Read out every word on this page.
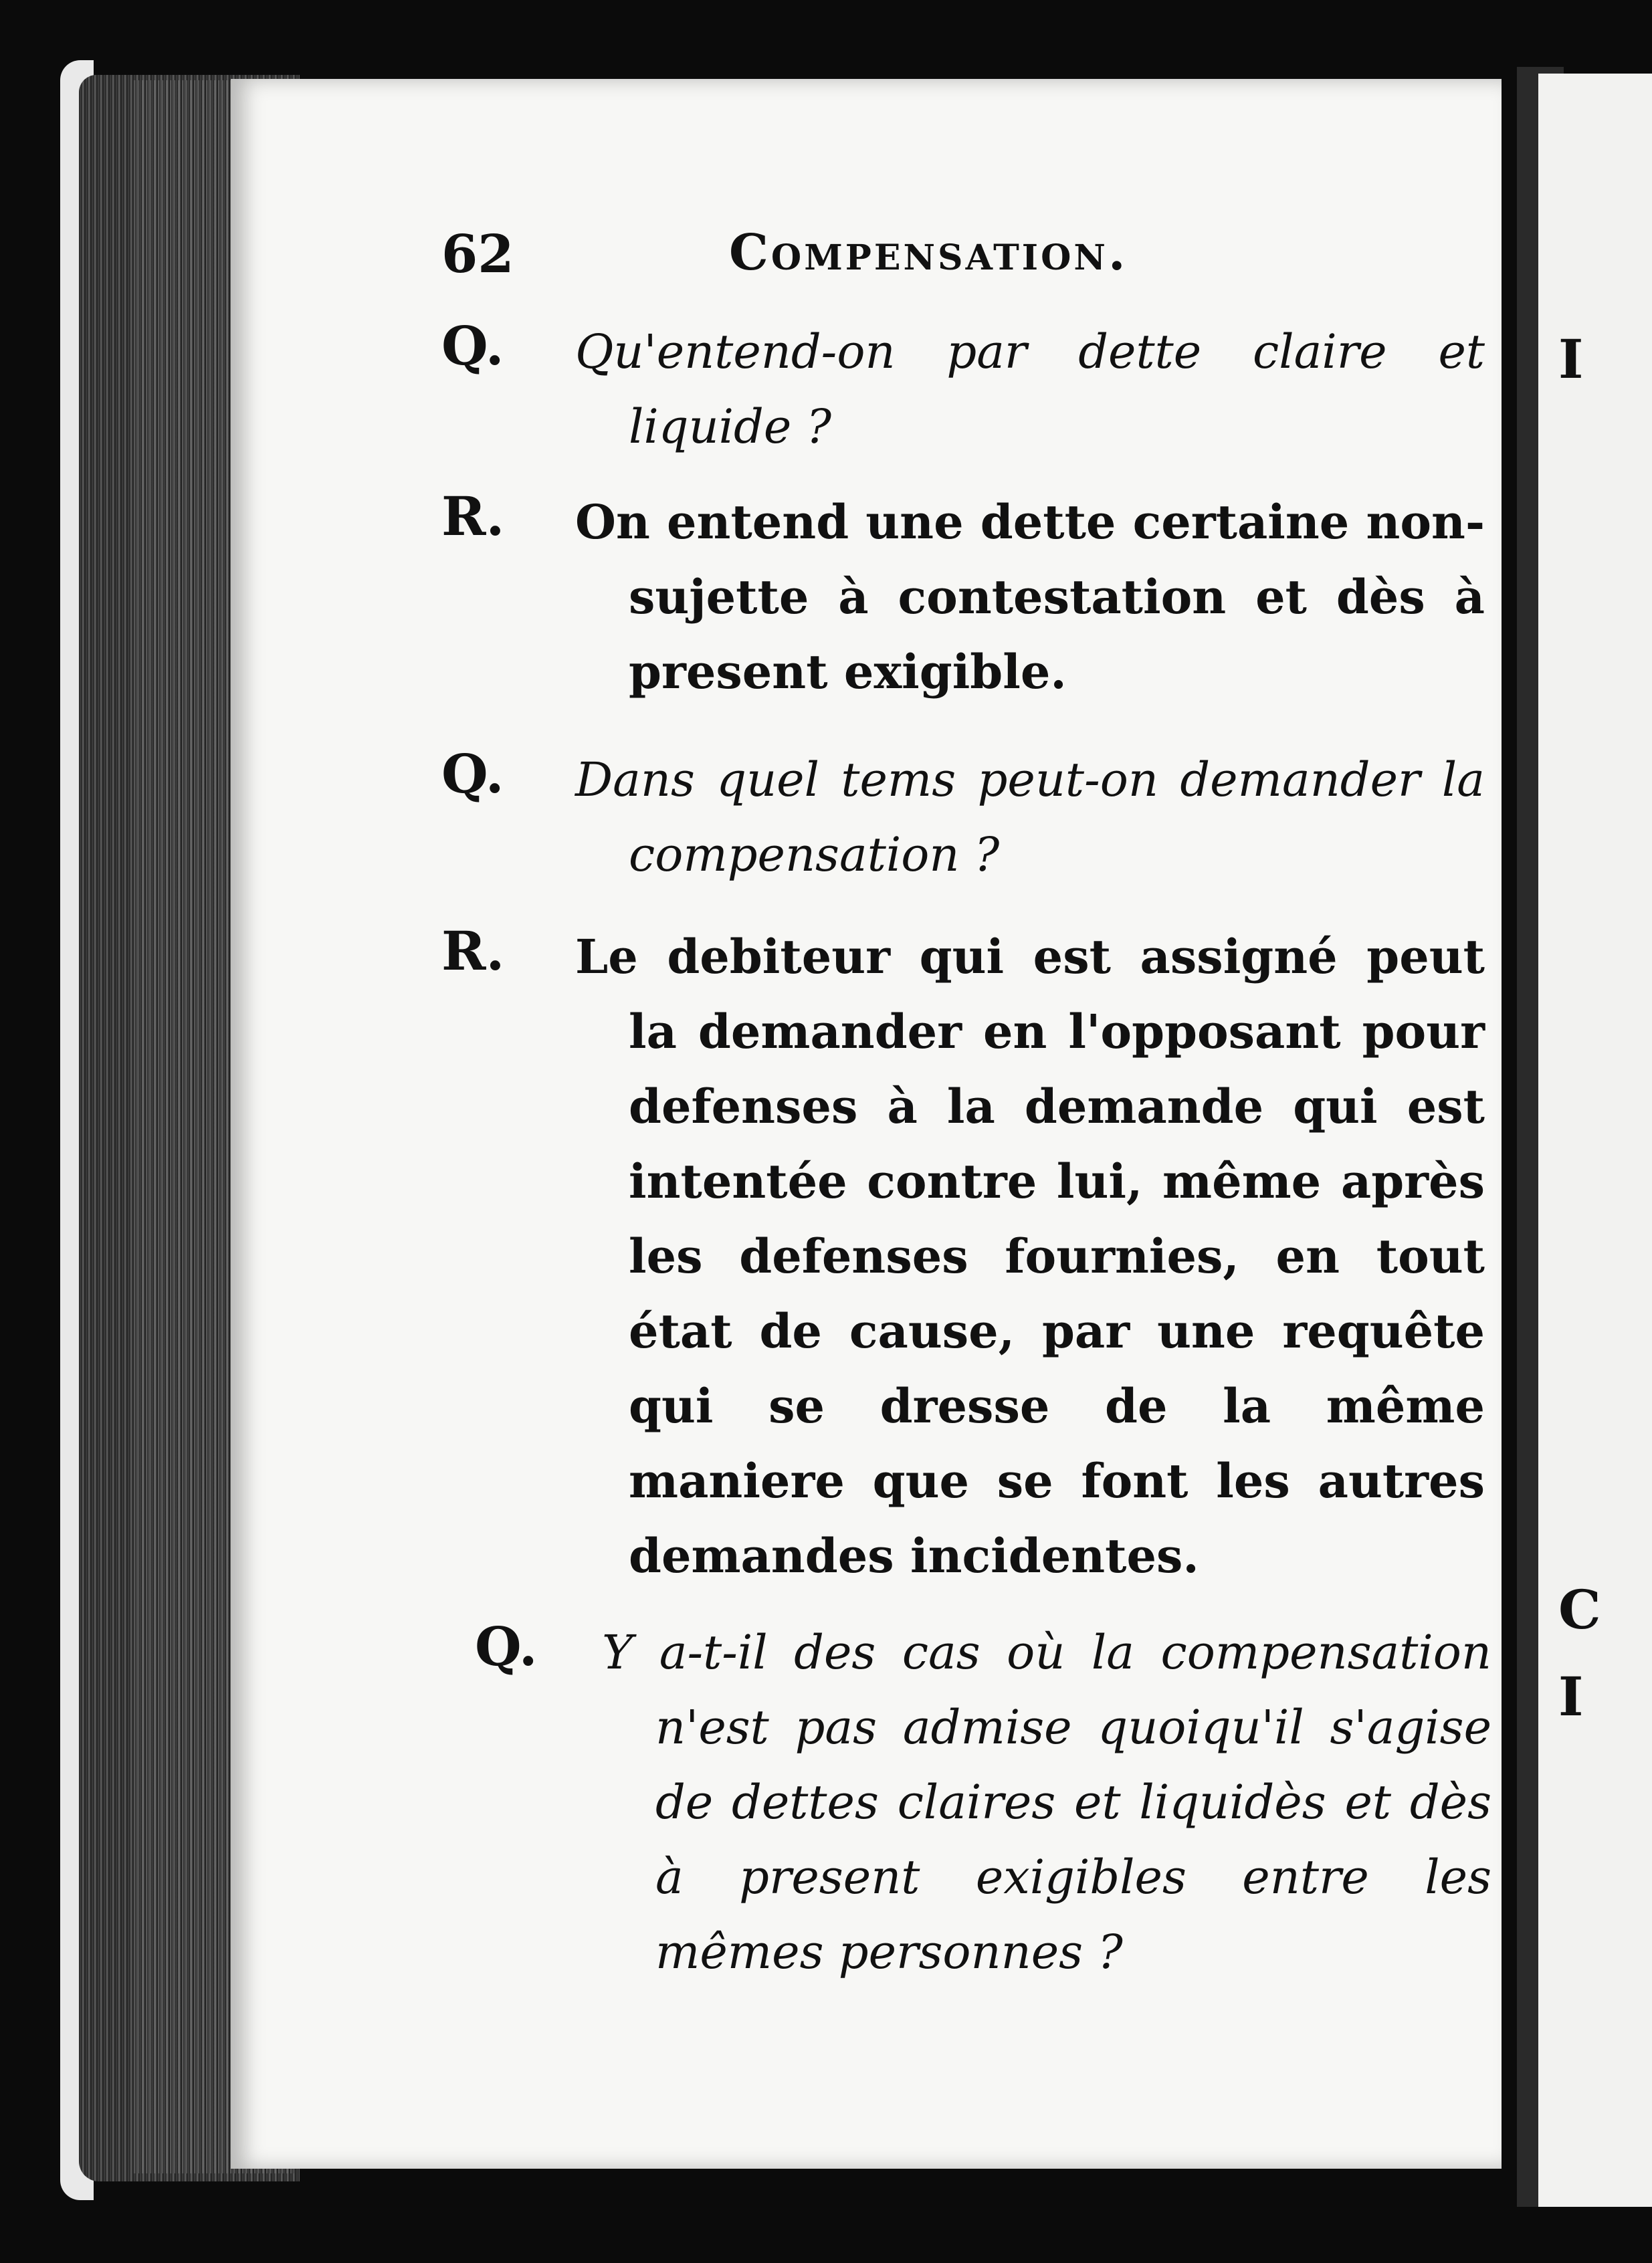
I
C
I
62	Compensation.
Q. Qu'entend-on par dette claire et liquide ?
R. On entend une dette certaine non-sujette à contestation et dès à present exigible.
Q. Dans quel tems peut-on demander la compensation ?
R. Le debiteur qui est assigné peut la demander en l'opposant pour defenses à la demande qui est intentée contre lui, même après les defenses fournies, en tout état de cause, par une requête qui se dresse de la même maniere que se font les autres demandes incidentes.
Q. Y a-t-il des cas où la compensation n'est pas admise quoiqu'il s'agise de dettes claires et liquidès et dès à present exigibles entre les mêmes personnes ?
